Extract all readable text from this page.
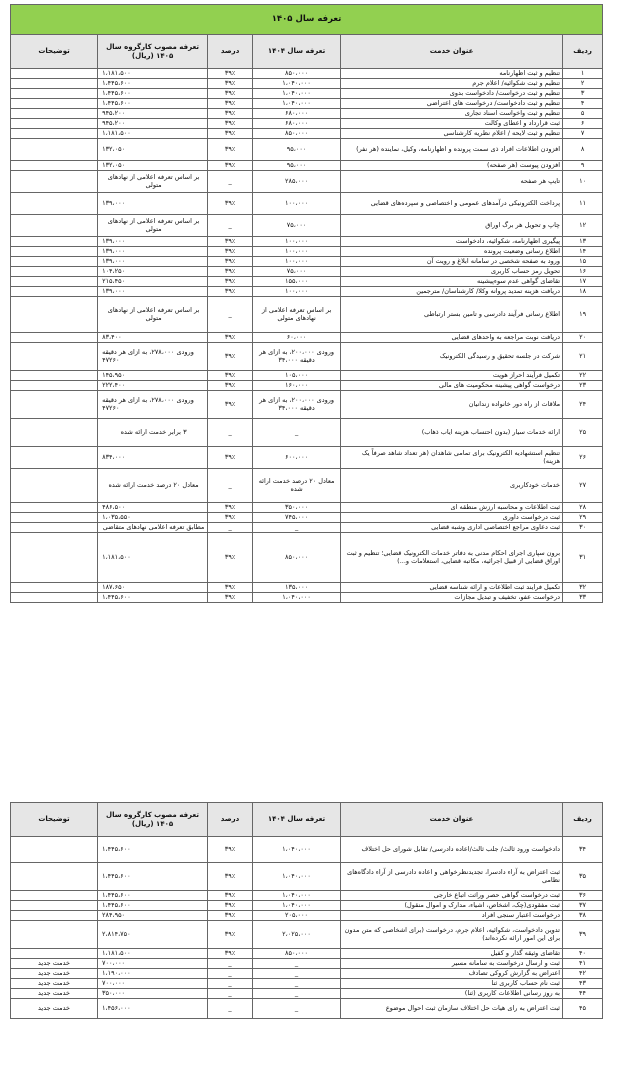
تعرفه سال ۱۴۰۵					
ردیف	عنوان خدمت	تعرفه سال ۱۴۰۴	درصد	تعرفه مصوب کارگروه سال ۱۴۰۵ (ریال)	توضیحات
۱	تنظیم و ثبت اظهارنامه	۸۵۰،۰۰۰	۳۹٪	۱،۱۸۱،۵۰۰	
۲	تنظیم و ثبت شکوائیه/ اعلام جرم	۱،۰۴۰،۰۰۰	۳۹٪	۱،۴۴۵،۶۰۰	
۳	تنظیم و ثبت درخواست/ دادخواست بدوی	۱،۰۴۰،۰۰۰	۳۹٪	۱،۴۴۵،۶۰۰	
۴	تنظیم و ثبت دادخواست/ درخواست های اعتراضی	۱،۰۴۰،۰۰۰	۳۹٪	۱،۴۴۵،۶۰۰	
۵	تنظیم و ثبت واخواست اسناد تجاری	۶۸۰،۰۰۰	۳۹٪	۹۴۵،۲۰۰	
۶	ثبت قرارداد و اعطای وکالت	۶۸۰،۰۰۰	۳۹٪	۹۴۵،۲۰۰	
۷	تنظیم و ثبت لایحه / اعلام نظریه کارشناسی	۸۵۰،۰۰۰	۳۹٪	۱،۱۸۱،۵۰۰	
۸	افزودن اطلاعات افراد ذی سمت پرونده و اظهارنامه، وکیل، نماینده (هر نفر)	۹۵،۰۰۰	۳۹٪	۱۳۲،۰۵۰	
۹	افزودن پیوست (هر صفحه)	۹۵،۰۰۰	۳۹٪	۱۳۲،۰۵۰	
۱۰	تایپ هر صفحه	۲۸۵،۰۰۰	_	بر اساس تعرفه اعلامی از نهادهای متولی	
۱۱	پرداخت الکترونیکی درآمدهای عمومی و اختصاصی و سپرده‌های قضایی	۱۰۰،۰۰۰	۳۹٪	۱۳۹،۰۰۰	
۱۲	چاپ و تحویل هر برگ اوراق	۷۵،۰۰۰	_	بر اساس تعرفه اعلامی از نهادهای متولی	
۱۳	پیگیری اظهارنامه، شکوائیه، دادخواست	۱۰۰،۰۰۰	۳۹٪	۱۳۹،۰۰۰	
۱۴	اطلاع رسانی وضعیت پرونده	۱۰۰،۰۰۰	۳۹٪	۱۳۹،۰۰۰	
۱۵	ورود به صفحه شخصی در سامانه ابلاغ و رویت آن	۱۰۰،۰۰۰	۳۹٪	۱۳۹،۰۰۰	
۱۶	تحویل رمز حساب کاربری	۷۵،۰۰۰	۳۹٪	۱۰۴،۲۵۰	
۱۷	تقاضای گواهی عدم سوءپیشینه	۱۵۵،۰۰۰	۳۹٪	۲۱۵،۴۵۰	
۱۸	دریافت هزینه تمدید پروانه وکلا/ کارشناسان/ مترجمین	۱۰۰،۰۰۰	۳۹٪	۱۳۹،۰۰۰	
۱۹	اطلاع رسانی فرآیند دادرسی و تامین بستر ارتباطی	بر اساس تعرفه اعلامی از نهادهای متولی	_	بر اساس تعرفه اعلامی از نهادهای متولی	
۲۰	دریافت نوبت مراجعه به واحدهای قضایی	۶۰،۰۰۰	۳۹٪	۸۳،۴۰۰	
۲۱	شرکت در جلسه تحقیق و رسیدگی الکترونیک	ورودی ۲۰۰،۰۰۰، به ازای هر دقیقه ۳۴،۰۰۰	۳۹٪	ورودی ۲۷۸،۰۰۰، به ازای هر دقیقه ۴۷۲۶۰	
۲۲	تکمیل فرآیند احراز هویت	۱۰۵،۰۰۰	۳۹٪	۱۴۵،۹۵۰	
۲۳	درخواست گواهی پیشینه محکومیت های مالی	۱۶۰،۰۰۰	۳۹٪	۲۲۲،۴۰۰	
۲۴	ملاقات از راه دور خانواده زندانیان	ورودی ۲۰۰،۰۰۰، به ازای هر دقیقه ۳۴،۰۰۰	۳۹٪	ورودی ۲۷۸،۰۰۰، به ازای هر دقیقه ۴۷۲۶۰	
۲۵	ارائه خدمات سیار (بدون احتساب هزینه ایاب ذهاب)	_	_	۳ برابر خدمت ارائه شده	
۲۶	تنظیم استشهادیه الکترونیک برای تمامی شاهدان (هر تعداد شاهد صرفاً یک هزینه)	۶۰۰،۰۰۰	۳۹٪	۸۳۴،۰۰۰	
۲۷	خدمات خودکاربری	معادل ۲۰ درصد خدمت ارائه شده	_	معادل ۲۰ درصد خدمت ارائه شده	
۲۸	ثبت اطلاعات و محاسبه ارزش منطقه ای	۳۵۰،۰۰۰	۳۹٪	۴۸۶،۵۰۰	
۲۹	ثبت درخواست داوری	۷۴۵،۰۰۰	۳۹٪	۱،۰۳۵،۵۵۰	
۳۰	ثبت دعاوی مراجع اختصاصی اداری وشبه قضایی	_	_	مطابق تعرفه اعلامی نهادهای متقاضی	
۳۱	برون سپاری اجرای احکام مدنی به دفاتر خدمات الکترونیک قضایی؛ تنظیم و ثبت اوراق قضایی از قبیل اجرائیه، مکاتبه قضایی، استعلامات و...)	۸۵۰،۰۰۰	۳۹٪	۱،۱۸۱،۵۰۰	
۳۲	تکمیل فرایند ثبت اطلاعات و ارائه شناسه قضایی	۱۳۵،۰۰۰	۳۹٪	۱۸۷،۶۵۰	
۳۳	درخواست عفو، تخفیف و تبدیل مجازات	۱،۰۴۰،۰۰۰	۳۹٪	۱،۴۴۵،۶۰۰	
ردیف	عنوان خدمت	تعرفه سال ۱۴۰۴	درصد	تعرفه مصوب کارگروه سال ۱۴۰۵ (ریال)	توضیحات
۳۴	دادخواست ورود ثالث/ جلب ثالث/اعاده دادرسی/ تقابل شورای حل اختلاف	۱،۰۴۰،۰۰۰	۳۹٪	۱،۴۴۵،۶۰۰	
۳۵	ثبت اعتراض به آراء دادسرا، تجدیدنظرخواهی و اعاده دادرسی از آراء دادگاه‌های نظامی	۱،۰۴۰،۰۰۰	۳۹٪	۱،۴۴۵،۶۰۰	
۳۶	ثبت درخواست گواهی حصر وراثت اتباع خارجی	۱،۰۴۰،۰۰۰	۳۹٪	۱،۴۴۵،۶۰۰	
۳۷	ثبت مفقودی(چک، اشخاص، اشیاء، مدارک و اموال منقول)	۱،۰۴۰،۰۰۰	۳۹٪	۱،۴۴۵،۶۰۰	
۳۸	درخواست اعتبار سنجی افراد	۲۰۵،۰۰۰	۳۹٪	۲۸۴،۹۵۰	
۳۹	تدوین دادخواست، شکوائیه، اعلام جرم، درخواست (برای اشخاصی که متن مدون برای این امور ارائه نکرده‌اند)	۲،۰۲۵،۰۰۰	۳۹٪	۲،۸۱۴،۷۵۰	
۴۰	تقاضای وثیقه گذار و کفیل	۸۵۰،۰۰۰	۳۹٪	۱،۱۸۱،۵۰۰	
۴۱	ثبت و ارسال درخواست به سامانه مسیر	_	_	۷۰۰،۰۰۰	خدمت جدید
۴۲	اعتراض به گزارش کروکی تصادف	_	_	۱،۱۹۰،۰۰۰	خدمت جدید
۴۳	ثبت نام حساب کاربری ثنا	_	_	۷۰۰،۰۰۰	خدمت جدید
۴۴	به روز رسانی اطلاعات کاربری (ثنا)	_	_	۳۵۰،۰۰۰	خدمت جدید
۴۵	ثبت اعتراض به رای هیات حل اختلاف سازمان ثبت احوال موضوع	_	_	۱،۴۵۶،۰۰۰	خدمت جدید
